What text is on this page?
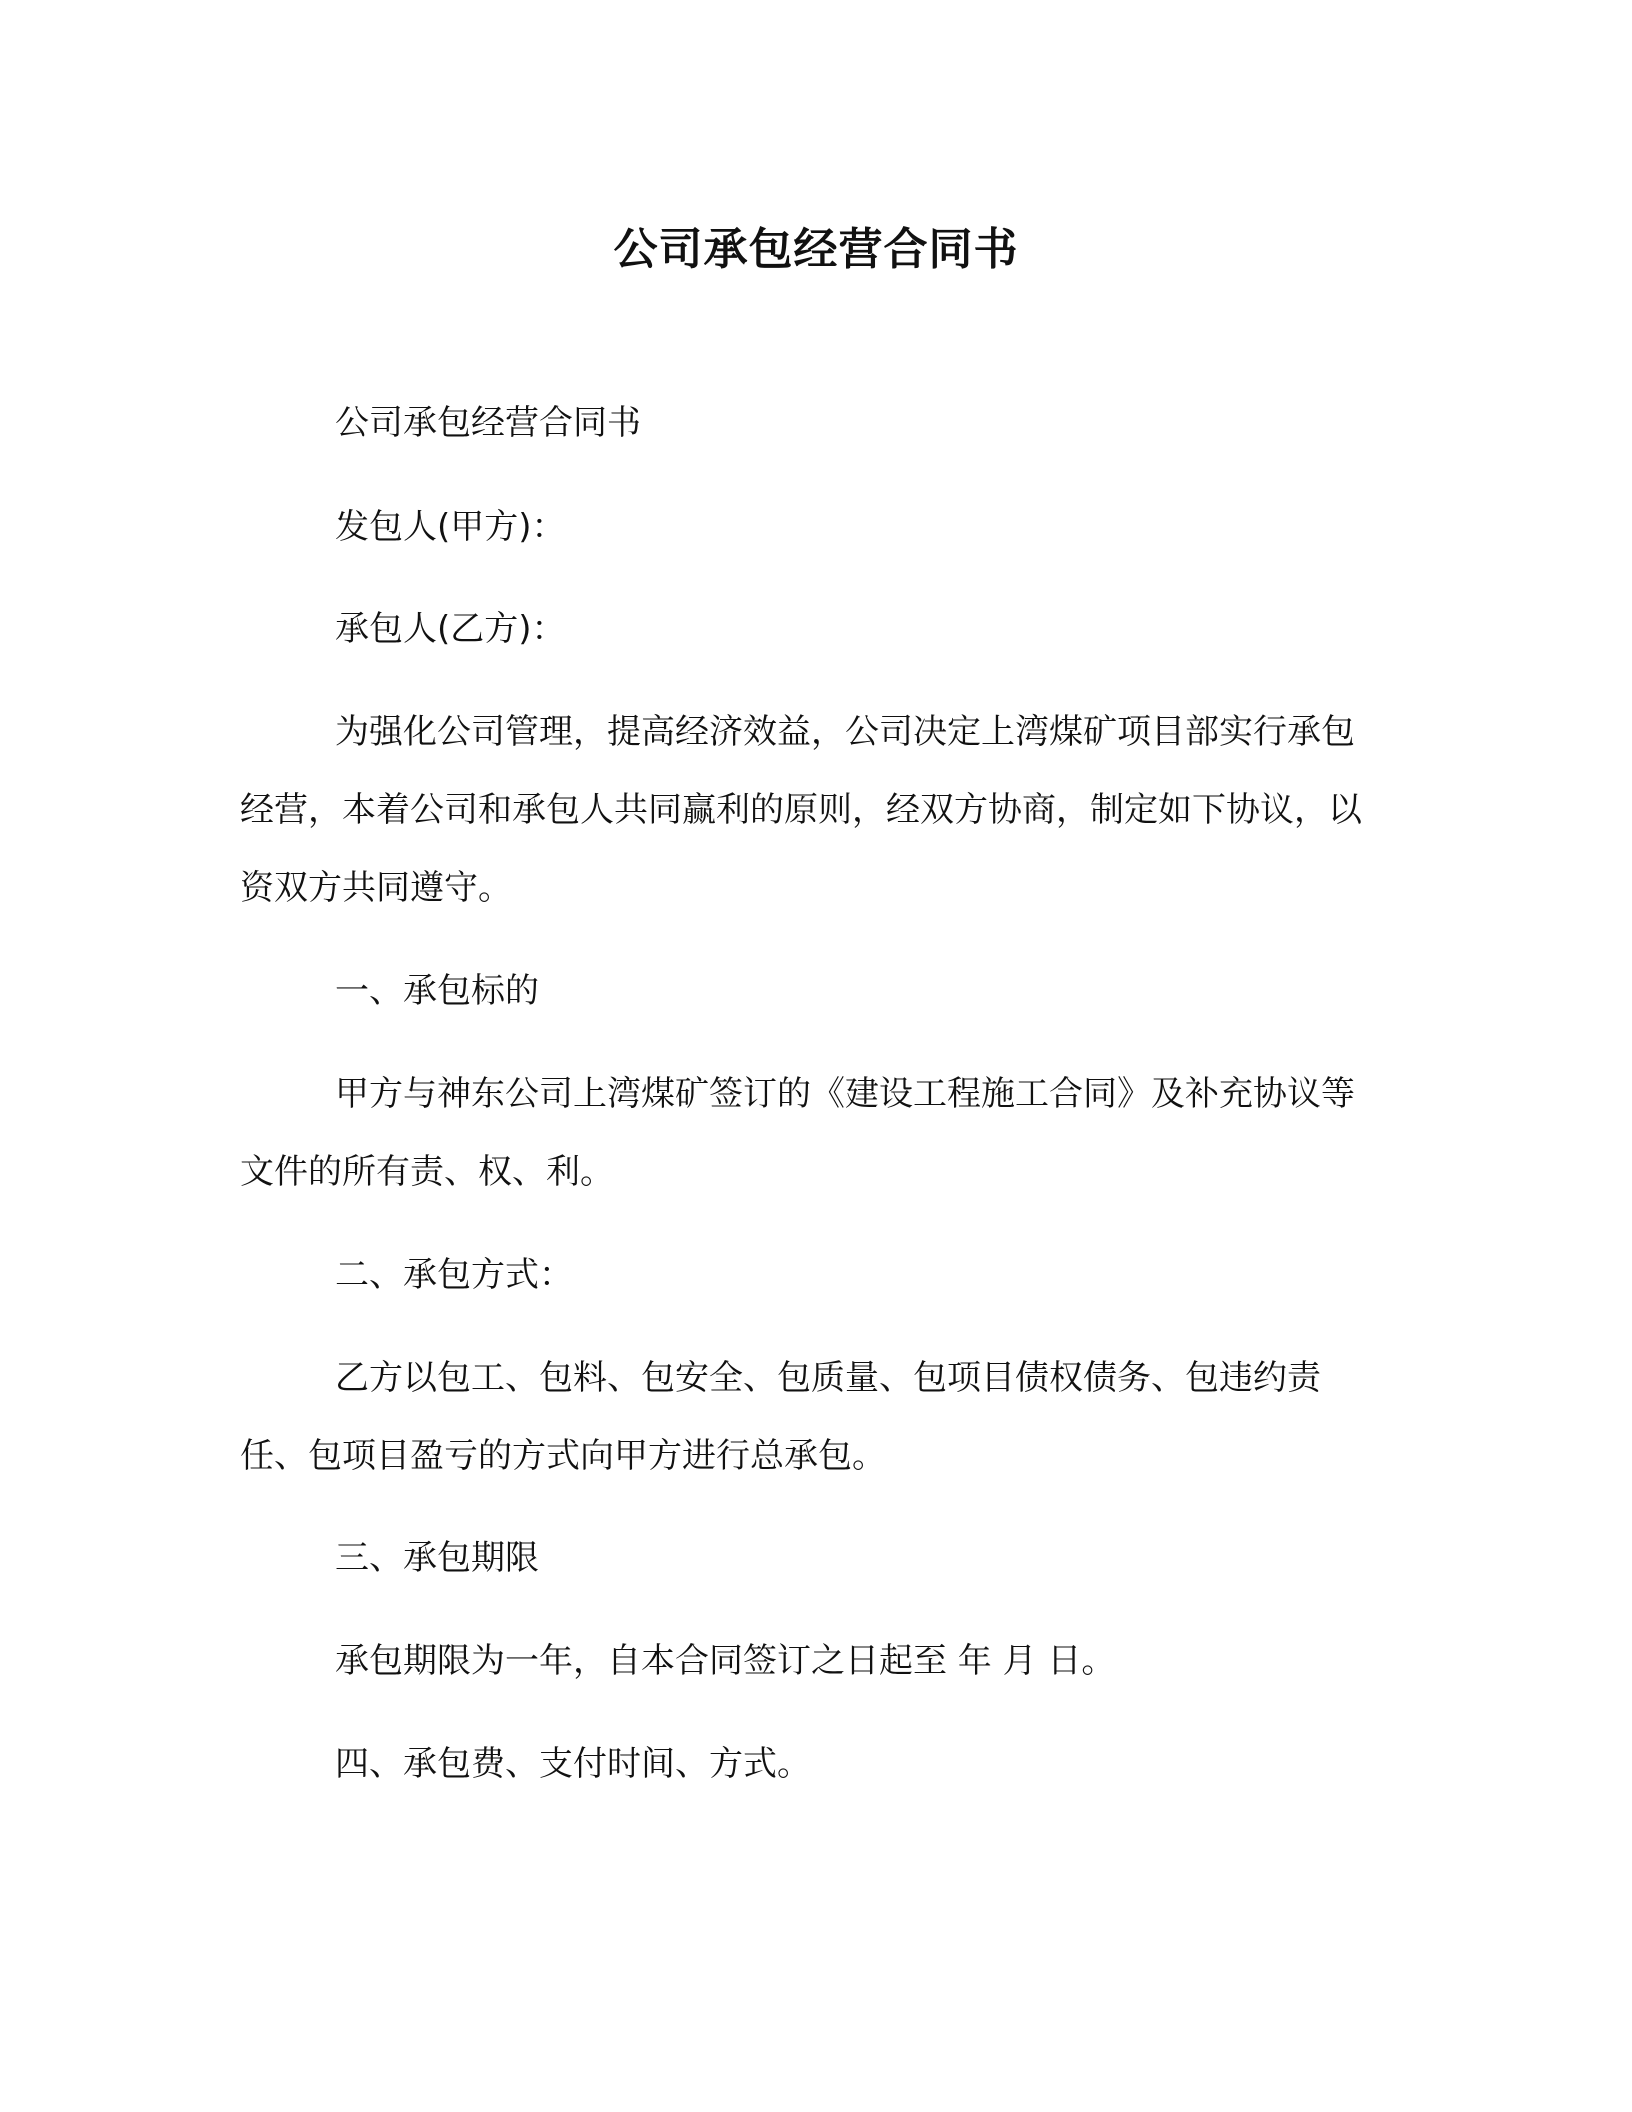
公司承包经营合同书

公司承包经营合同书

发包人(甲方)：

承包人(乙方)：

为强化公司管理，提高经济效益，公司决定上湾煤矿项目部实行承包经营，本着公司和承包人共同赢利的原则，经双方协商，制定如下协议，以资双方共同遵守。

一、承包标的

甲方与神东公司上湾煤矿签订的《建设工程施工合同》及补充协议等文件的所有责、权、利。

二、承包方式：

乙方以包工、包料、包安全、包质量、包项目债权债务、包违约责任、包项目盈亏的方式向甲方进行总承包。

三、承包期限

承包期限为一年，自本合同签订之日起至 年 月 日。

四、承包费、支付时间、方式。
